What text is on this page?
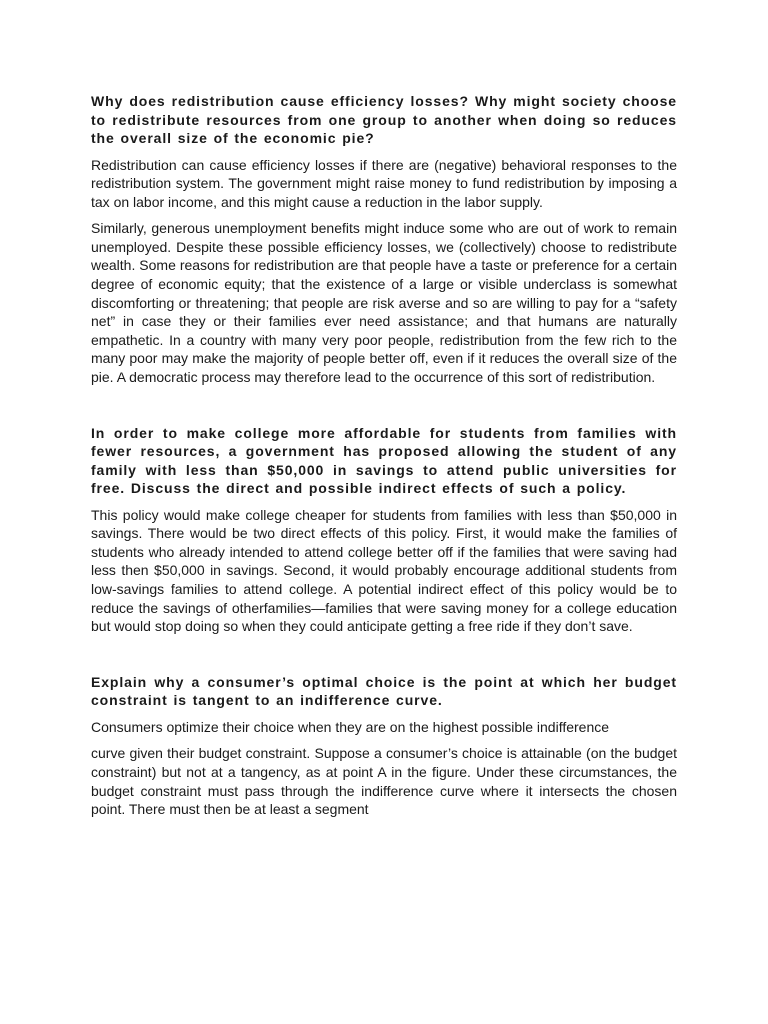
Why does redistribution cause efficiency losses? Why might society choose to redistribute resources from one group to another when doing so reduces the overall size of the economic pie?

Redistribution can cause efficiency losses if there are (negative) behavioral responses to the redistribution system. The government might raise money to fund redistribution by imposing a tax on labor income, and this might cause a reduction in the labor supply.

Similarly, generous unemployment benefits might induce some who are out of work to remain unemployed. Despite these possible efficiency losses, we (collectively) choose to redistribute wealth. Some reasons for redistribution are that people have a taste or preference for a certain degree of economic equity; that the existence of a large or visible underclass is somewhat discomforting or threatening; that people are risk averse and so are willing to pay for a “safety net” in case they or their families ever need assistance; and that humans are naturally empathetic. In a country with many very poor people, redistribution from the few rich to the many poor may make the majority of people better off, even if it reduces the overall size of the pie. A democratic process may therefore lead to the occurrence of this sort of redistribution.

In order to make college more affordable for students from families with fewer resources, a government has proposed allowing the student of any family with less than $50,000 in savings to attend public universities for free. Discuss the direct and possible indirect effects of such a policy.

This policy would make college cheaper for students from families with less than $50,000 in savings. There would be two direct effects of this policy. First, it would make the families of students who already intended to attend college better off if the families that were saving had less then $50,000 in savings. Second, it would probably encourage additional students from low-savings families to attend college. A potential indirect effect of this policy would be to reduce the savings of otherfamilies—families that were saving money for a college education but would stop doing so when they could anticipate getting a free ride if they don’t save.

Explain why a consumer’s optimal choice is the point at which her budget constraint is tangent to an indifference curve.

Consumers optimize their choice when they are on the highest possible indifference

curve given their budget constraint. Suppose a consumer’s choice is attainable (on the budget constraint) but not at a tangency, as at point A in the figure. Under these circumstances, the budget constraint must pass through the indifference curve where it intersects the chosen point. There must then be at least a segment
